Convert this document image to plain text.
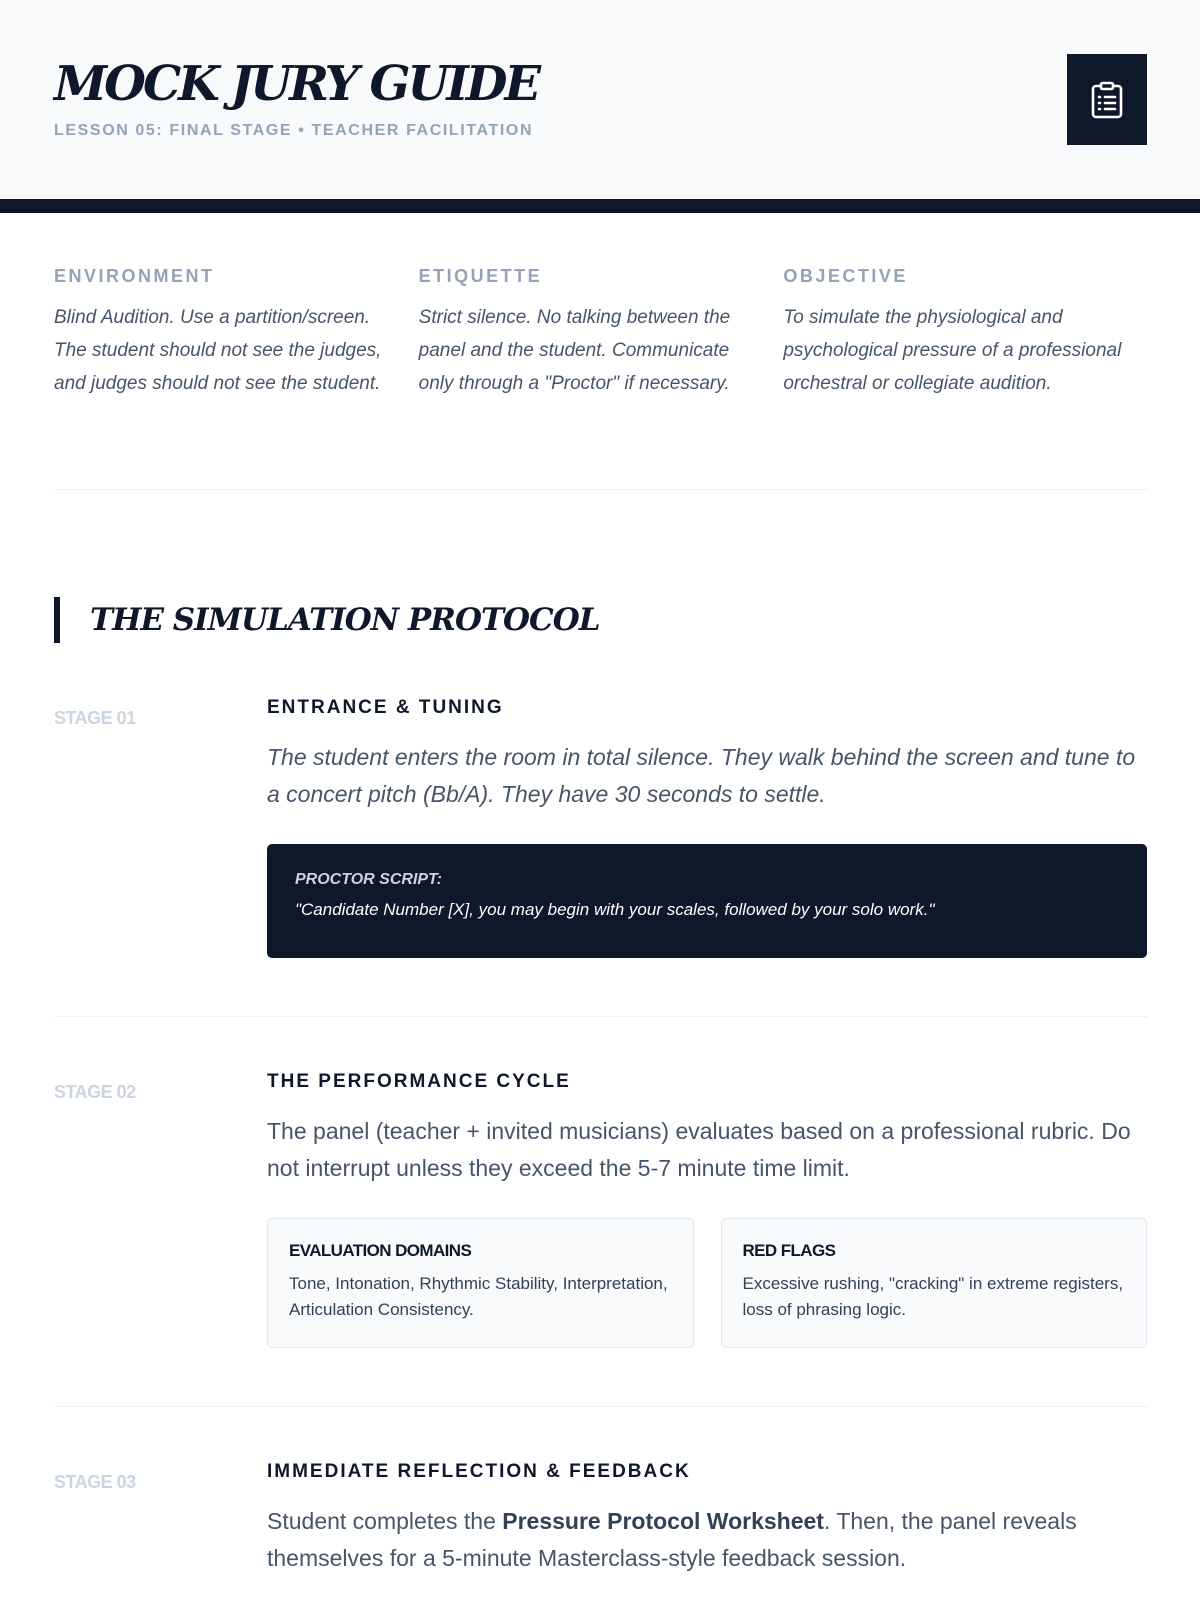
MOCK JURY GUIDE
LESSON 05: FINAL STAGE • TEACHER FACILITATION
ENVIRONMENT
Blind Audition. Use a partition/screen. The student should not see the judges, and judges should not see the student.
ETIQUETTE
Strict silence. No talking between the panel and the student. Communicate only through a "Proctor" if necessary.
OBJECTIVE
To simulate the physiological and psychological pressure of a professional orchestral or collegiate audition.
THE SIMULATION PROTOCOL
STAGE 01	ENTRANCE & TUNING

The student enters the room in total silence. They walk behind the screen and tune to a concert pitch (Bb/A). They have 30 seconds to settle.

PROCTOR SCRIPT:
"Candidate Number [X], you may begin with your scales, followed by your solo work."
STAGE 02	THE PERFORMANCE CYCLE

The panel (teacher + invited musicians) evaluates based on a professional rubric. Do not interrupt unless they exceed the 5-7 minute time limit.

EVALUATION DOMAINS
Tone, Intonation, Rhythmic Stability, Interpretation, Articulation Consistency.
RED FLAGS
Excessive rushing, "cracking" in extreme registers, loss of phrasing logic.
STAGE 03	IMMEDIATE REFLECTION & FEEDBACK

Student completes the Pressure Protocol Worksheet. Then, the panel reveals themselves for a 5-minute Masterclass-style feedback session.
